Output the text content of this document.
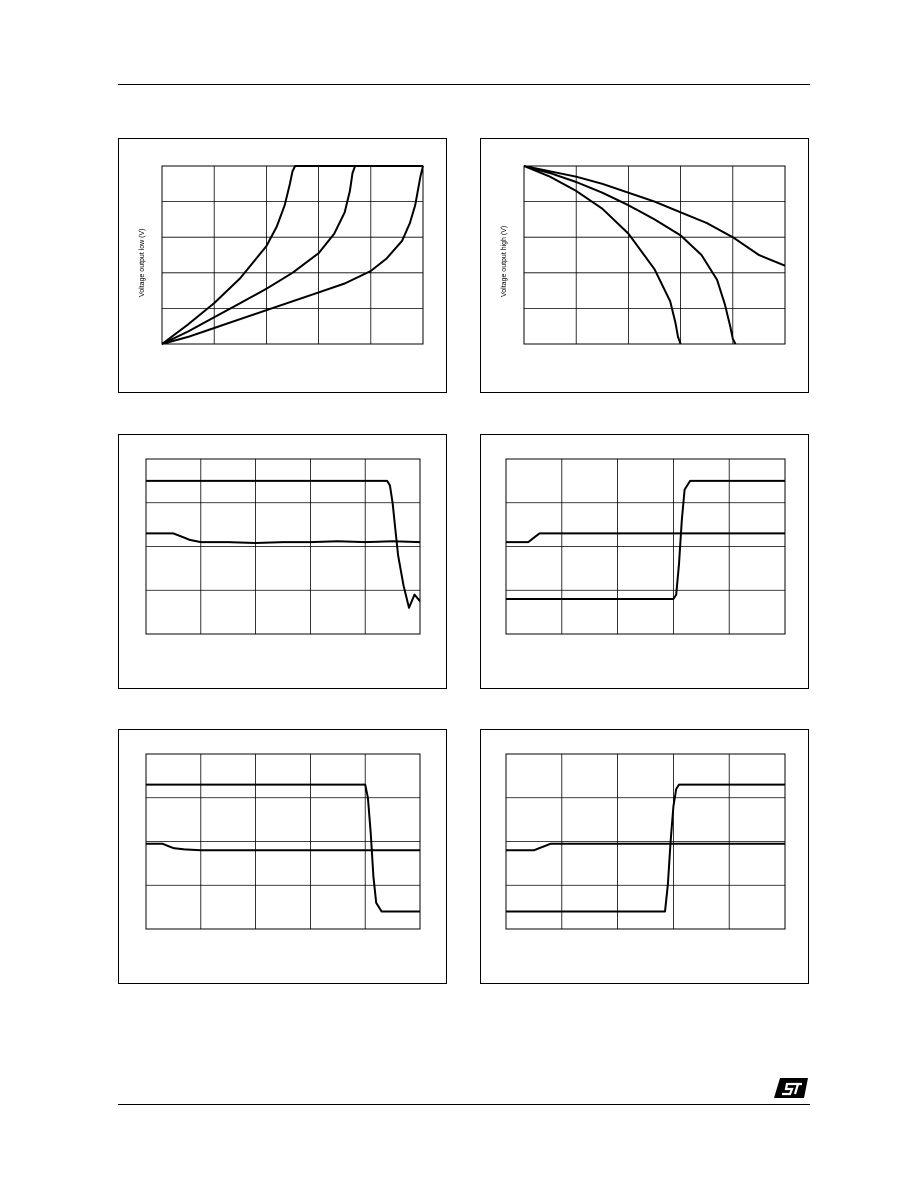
Voltage output low (V)	Voltage output high (V)
